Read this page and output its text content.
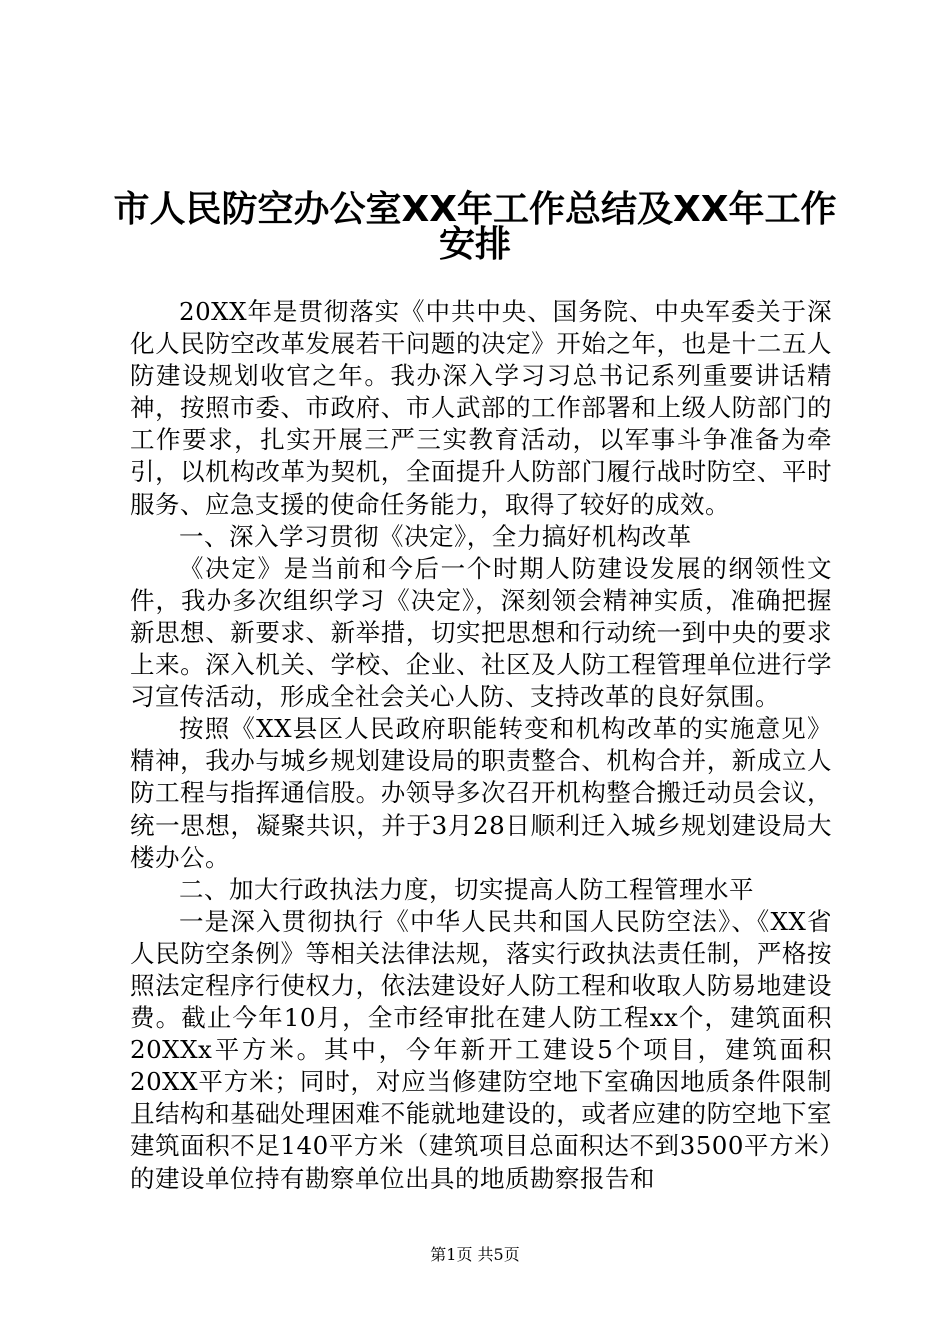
市人民防空办公室XX年工作总结及XX年工作
安排

20XX年是贯彻落实《中共中央、国务院、中央军委关于深化人民防空改革发展若干问题的决定》开始之年，也是十二五人防建设规划收官之年。我办深入学习习总书记系列重要讲话精神，按照市委、市政府、市人武部的工作部署和上级人防部门的工作要求，扎实开展三严三实教育活动，以军事斗争准备为牵引，以机构改革为契机，全面提升人防部门履行战时防空、平时服务、应急支援的使命任务能力，取得了较好的成效。

一、深入学习贯彻《决定》，全力搞好机构改革

《决定》是当前和今后一个时期人防建设发展的纲领性文件，我办多次组织学习《决定》，深刻领会精神实质，准确把握新思想、新要求、新举措，切实把思想和行动统一到中央的要求上来。深入机关、学校、企业、社区及人防工程管理单位进行学习宣传活动，形成全社会关心人防、支持改革的良好氛围。

按照《XX县区人民政府职能转变和机构改革的实施意见》精神，我办与城乡规划建设局的职责整合、机构合并，新成立人防工程与指挥通信股。办领导多次召开机构整合搬迁动员会议，统一思想，凝聚共识，并于3月28日顺利迁入城乡规划建设局大楼办公。

二、加大行政执法力度，切实提高人防工程管理水平

一是深入贯彻执行《中华人民共和国人民防空法》、《XX省人民防空条例》等相关法律法规，落实行政执法责任制，严格按照法定程序行使权力，依法建设好人防工程和收取人防易地建设费。截止今年10月，全市经审批在建人防工程xx个，建筑面积20XXx平方米。其中，今年新开工建设5个项目，建筑面积20XX平方米；同时，对应当修建防空地下室确因地质条件限制且结构和基础处理困难不能就地建设的，或者应建的防空地下室建筑面积不足140平方米（建筑项目总面积达不到3500平方米）的建设单位持有勘察单位出具的地质勘察报告和

第1页 共5页
